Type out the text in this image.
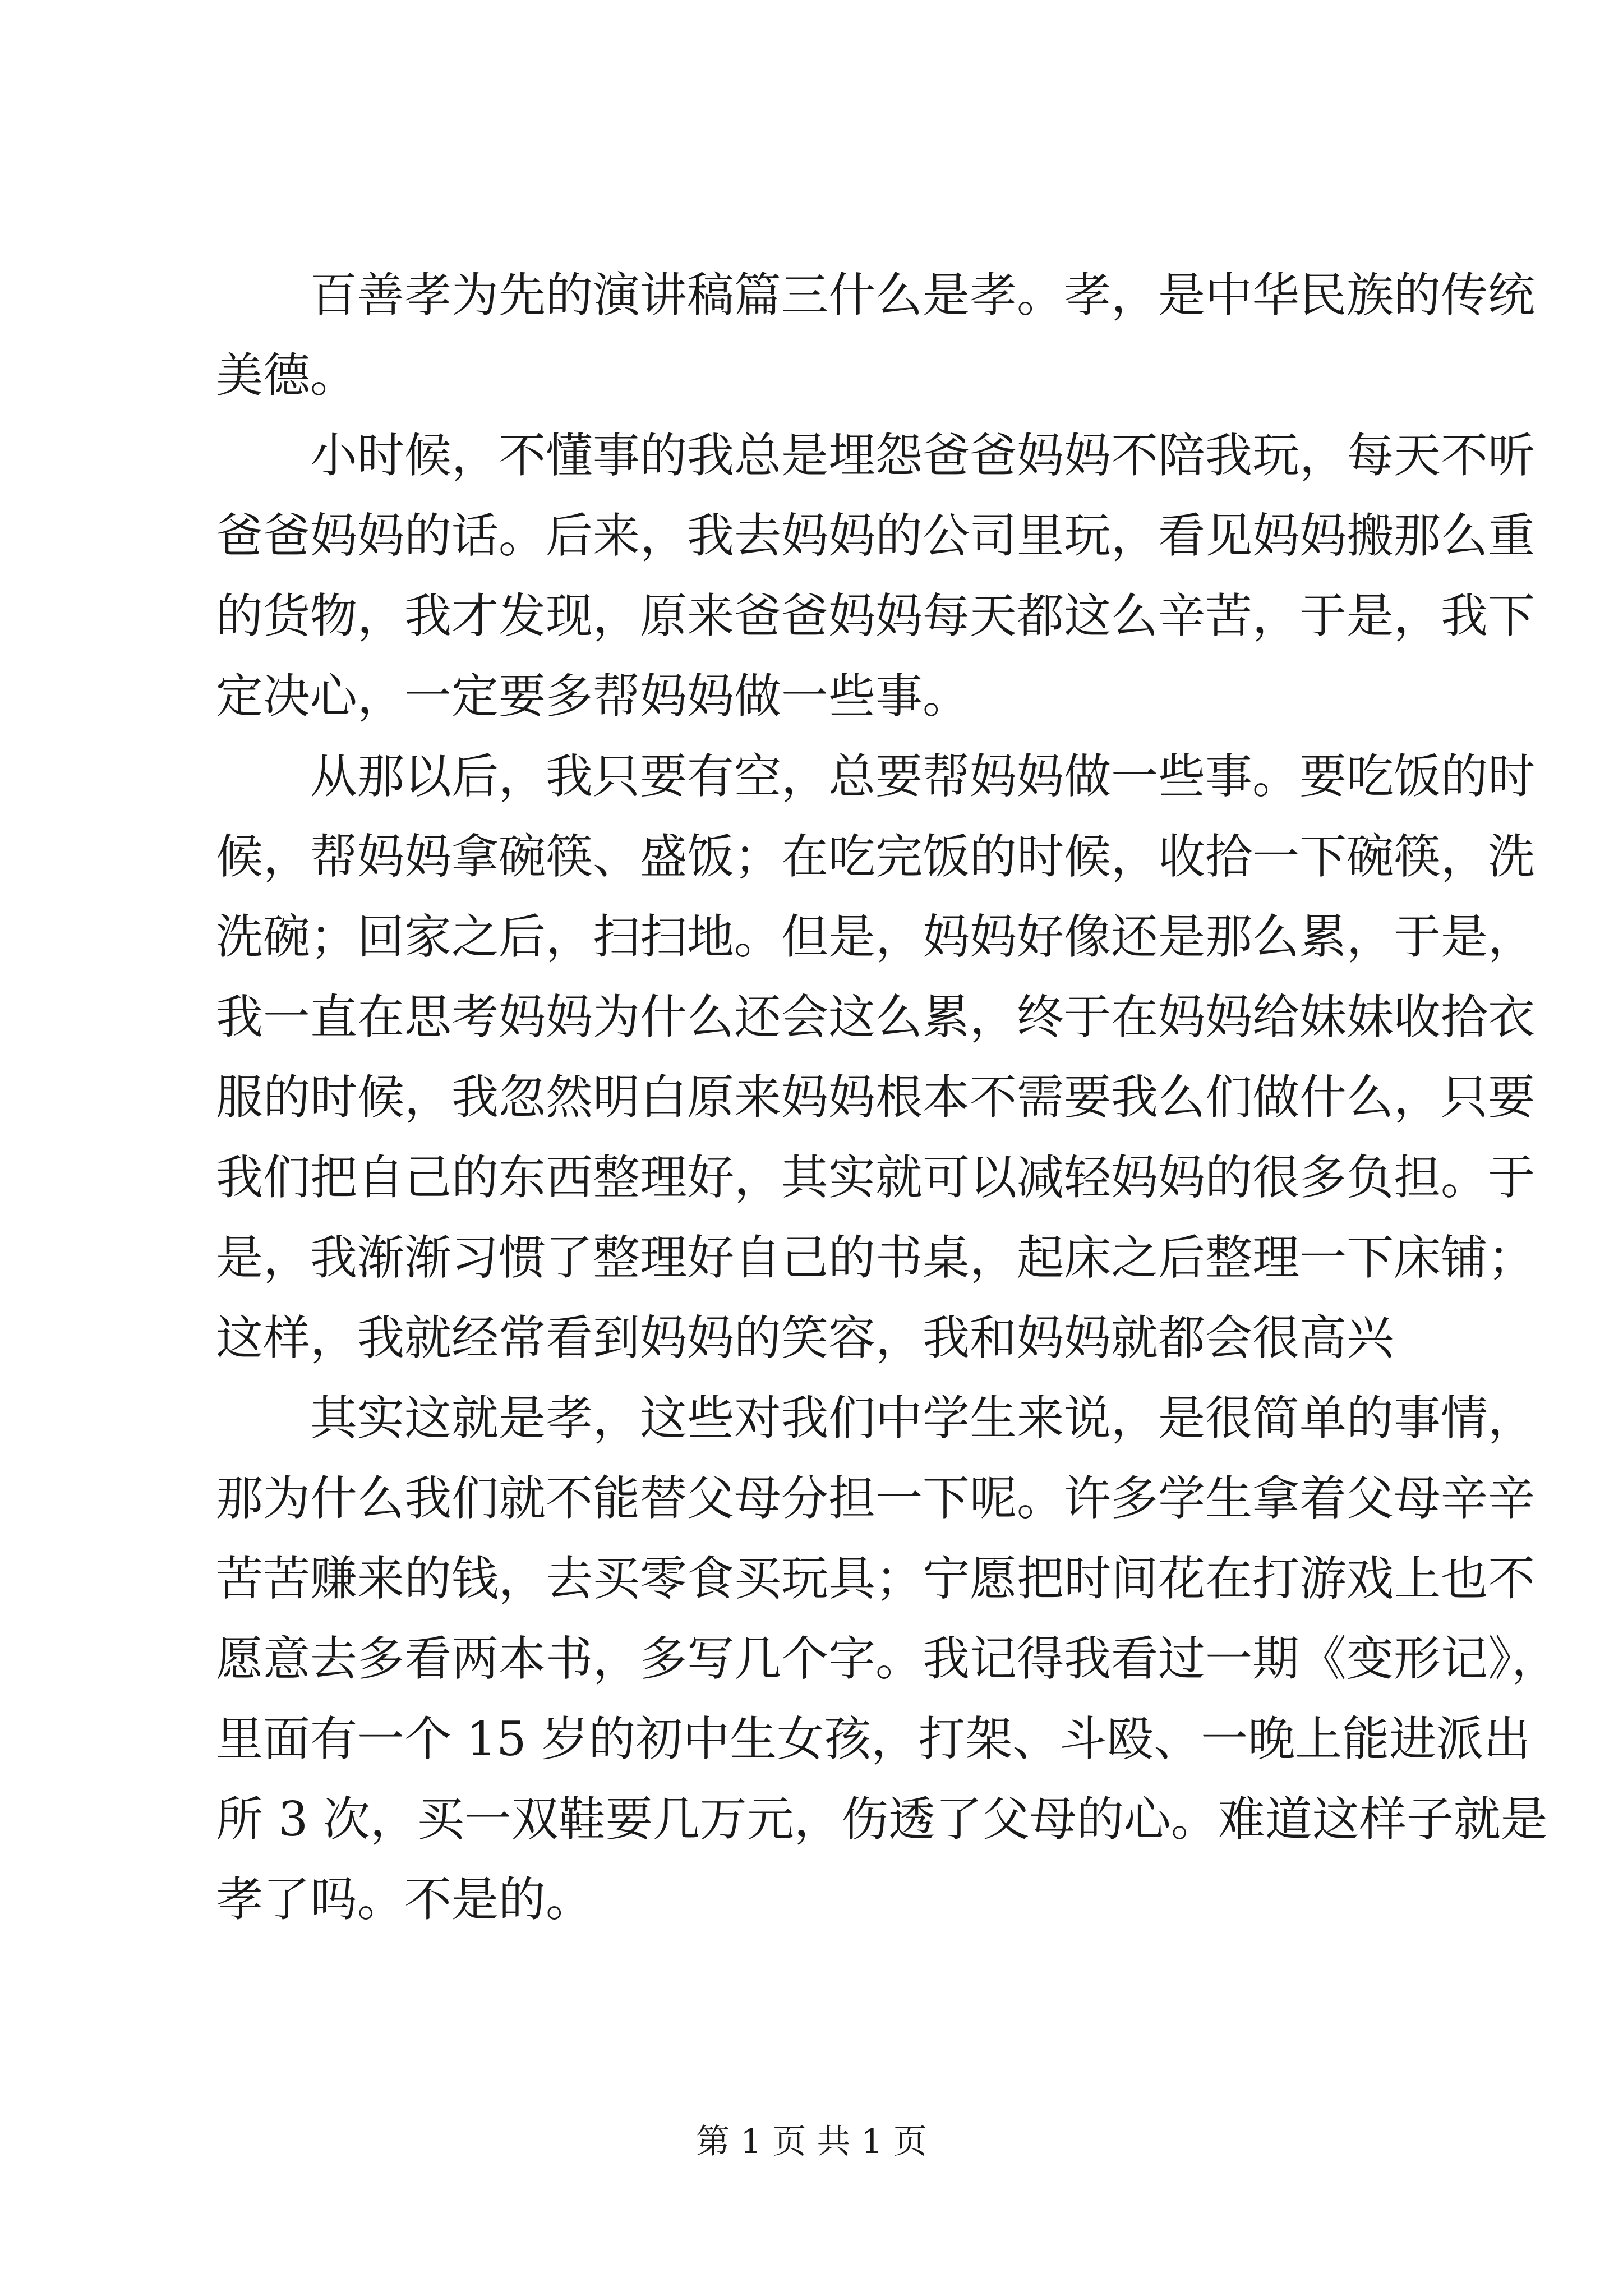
百善孝为先的演讲稿篇三什么是孝。孝，是中华民族的传统
美德。
小时候，不懂事的我总是埋怨爸爸妈妈不陪我玩，每天不听
爸爸妈妈的话。后来，我去妈妈的公司里玩，看见妈妈搬那么重
的货物，我才发现，原来爸爸妈妈每天都这么辛苦，于是，我下
定决心，一定要多帮妈妈做一些事。
从那以后，我只要有空，总要帮妈妈做一些事。要吃饭的时
候，帮妈妈拿碗筷、盛饭；在吃完饭的时候，收拾一下碗筷，洗
洗碗；回家之后，扫扫地。但是，妈妈好像还是那么累，于是，
我一直在思考妈妈为什么还会这么累，终于在妈妈给妹妹收拾衣
服的时候，我忽然明白原来妈妈根本不需要我么们做什么，只要
我们把自己的东西整理好，其实就可以减轻妈妈的很多负担。于
是，我渐渐习惯了整理好自己的书桌，起床之后整理一下床铺；
这样，我就经常看到妈妈的笑容，我和妈妈就都会很高兴
其实这就是孝，这些对我们中学生来说，是很简单的事情，
那为什么我们就不能替父母分担一下呢。许多学生拿着父母辛辛
苦苦赚来的钱，去买零食买玩具；宁愿把时间花在打游戏上也不
愿意去多看两本书，多写几个字。我记得我看过一期《变形记》，
里面有一个 15 岁的初中生女孩，打架、斗殴、一晚上能进派出
所 3 次，买一双鞋要几万元，伤透了父母的心。难道这样子就是
孝了吗。不是的。
第 1 页 共 1 页
